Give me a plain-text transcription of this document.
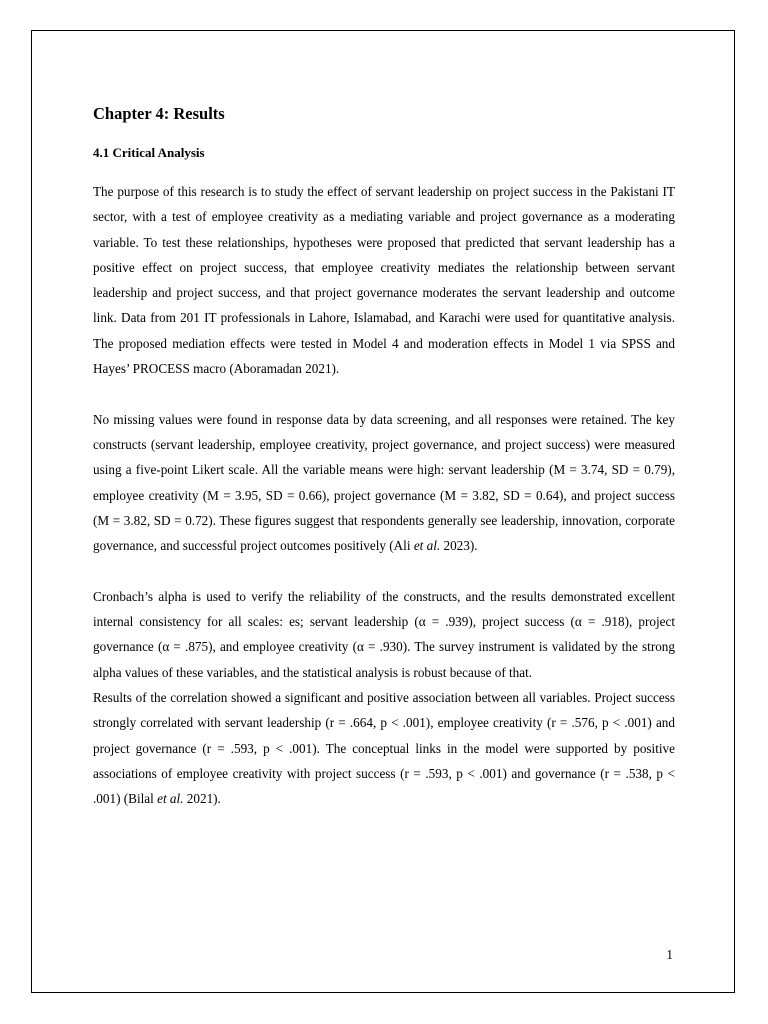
Chapter 4: Results
4.1 Critical Analysis

The purpose of this research is to study the effect of servant leadership on project success in the Pakistani IT sector, with a test of employee creativity as a mediating variable and project governance as a moderating variable. To test these relationships, hypotheses were proposed that predicted that servant leadership has a positive effect on project success, that employee creativity mediates the relationship between servant leadership and project success, and that project governance moderates the servant leadership and outcome link. Data from 201 IT professionals in Lahore, Islamabad, and Karachi were used for quantitative analysis. The proposed mediation effects were tested in Model 4 and moderation effects in Model 1 via SPSS and Hayes’ PROCESS macro (Aboramadan 2021).

No missing values were found in response data by data screening, and all responses were retained. The key constructs (servant leadership, employee creativity, project governance, and project success) were measured using a five-point Likert scale. All the variable means were high: servant leadership (M = 3.74, SD = 0.79), employee creativity (M = 3.95, SD = 0.66), project governance (M = 3.82, SD = 0.64), and project success (M = 3.82, SD = 0.72). These figures suggest that respondents generally see leadership, innovation, corporate governance, and successful project outcomes positively (Ali et al. 2023).

Cronbach’s alpha is used to verify the reliability of the constructs, and the results demonstrated excellent internal consistency for all scales: es; servant leadership (α = .939), project success (α = .918), project governance (α = .875), and employee creativity (α = .930). The survey instrument is validated by the strong alpha values of these variables, and the statistical analysis is robust because of that.

Results of the correlation showed a significant and positive association between all variables. Project success strongly correlated with servant leadership (r = .664, p < .001), employee creativity (r = .576, p < .001) and project governance (r = .593, p < .001). The conceptual links in the model were supported by positive associations of employee creativity with project success (r = .593, p < .001) and governance (r = .538, p < .001) (Bilal et al. 2021).

1
